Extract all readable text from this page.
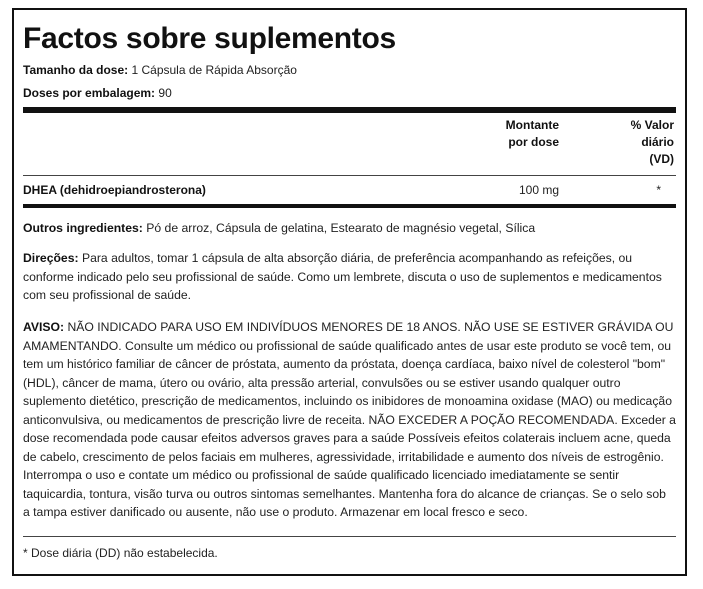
Factos sobre suplementos
Tamanho da dose: 1 Cápsula de Rápida Absorção
Doses por embalagem: 90
Montante
por dose
% Valor
diário
(VD)
DHEA (dehidroepiandrosterona)	100 mg	*
Outros ingredientes: Pó de arroz, Cápsula de gelatina, Estearato de magnésio vegetal, Sílica
Direções: Para adultos, tomar 1 cápsula de alta absorção diária, de preferência acompanhando as refeições, ou conforme indicado pelo seu profissional de saúde. Como um lembrete, discuta o uso de suplementos e medicamentos com seu profissional de saúde.
AVISO: NÃO INDICADO PARA USO EM INDIVÍDUOS MENORES DE 18 ANOS. NÃO USE SE ESTIVER GRÁVIDA OU AMAMENTANDO. Consulte um médico ou profissional de saúde qualificado antes de usar este produto se você tem, ou tem um histórico familiar de câncer de próstata, aumento da próstata, doença cardíaca, baixo nível de colesterol "bom" (HDL), câncer de mama, útero ou ovário, alta pressão arterial, convulsões ou se estiver usando qualquer outro suplemento dietético, prescrição de medicamentos, incluindo os inibidores de monoamina oxidase (MAO) ou medicação anticonvulsiva, ou medicamentos de prescrição livre de receita. NÃO EXCEDER A POÇÃO RECOMENDADA. Exceder a dose recomendada pode causar efeitos adversos graves para a saúde Possíveis efeitos colaterais incluem acne, queda de cabelo, crescimento de pelos faciais em mulheres, agressividade, irritabilidade e aumento dos níveis de estrogênio. Interrompa o uso e contate um médico ou profissional de saúde qualificado licenciado imediatamente se sentir taquicardia, tontura, visão turva ou outros sintomas semelhantes. Mantenha fora do alcance de crianças. Se o selo sob a tampa estiver danificado ou ausente, não use o produto. Armazenar em local fresco e seco.
* Dose diária (DD) não estabelecida.
